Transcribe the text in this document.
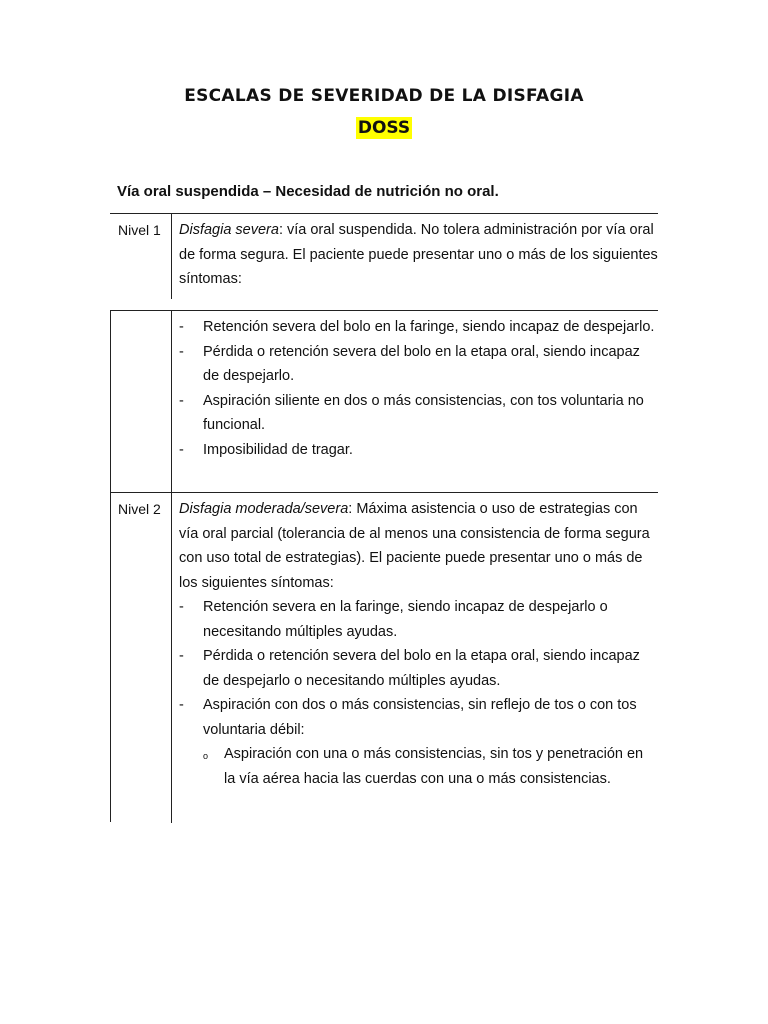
ESCALAS DE SEVERIDAD DE LA DISFAGIA
DOSS
Vía oral suspendida – Necesidad de nutrición no oral.
Nivel 1 Disfagia severa: vía oral suspendida. No tolera administración por vía oral de forma segura. El paciente puede presentar uno o más de los siguientes síntomas:

- Retención severa del bolo en la faringe, siendo incapaz de despejarlo.
- Pérdida o retención severa del bolo en la etapa oral, siendo incapaz de despejarlo.
- Aspiración siliente en dos o más consistencias, con tos voluntaria no funcional.
- Imposibilidad de tragar.
Nivel 2 Disfagia moderada/severa: Máxima asistencia o uso de estrategias con vía oral parcial (tolerancia de al menos una consistencia de forma segura con uso total de estrategias). El paciente puede presentar uno o más de los siguientes síntomas:

- Retención severa en la faringe, siendo incapaz de despejarlo o necesitando múltiples ayudas.
- Pérdida o retención severa del bolo en la etapa oral, siendo incapaz de despejarlo o necesitando múltiples ayudas.
- Aspiración con dos o más consistencias, sin reflejo de tos o con tos voluntaria débil:
o Aspiración con una o más consistencias, sin tos y penetración en la vía aérea hacia las cuerdas con una o más consistencias.
